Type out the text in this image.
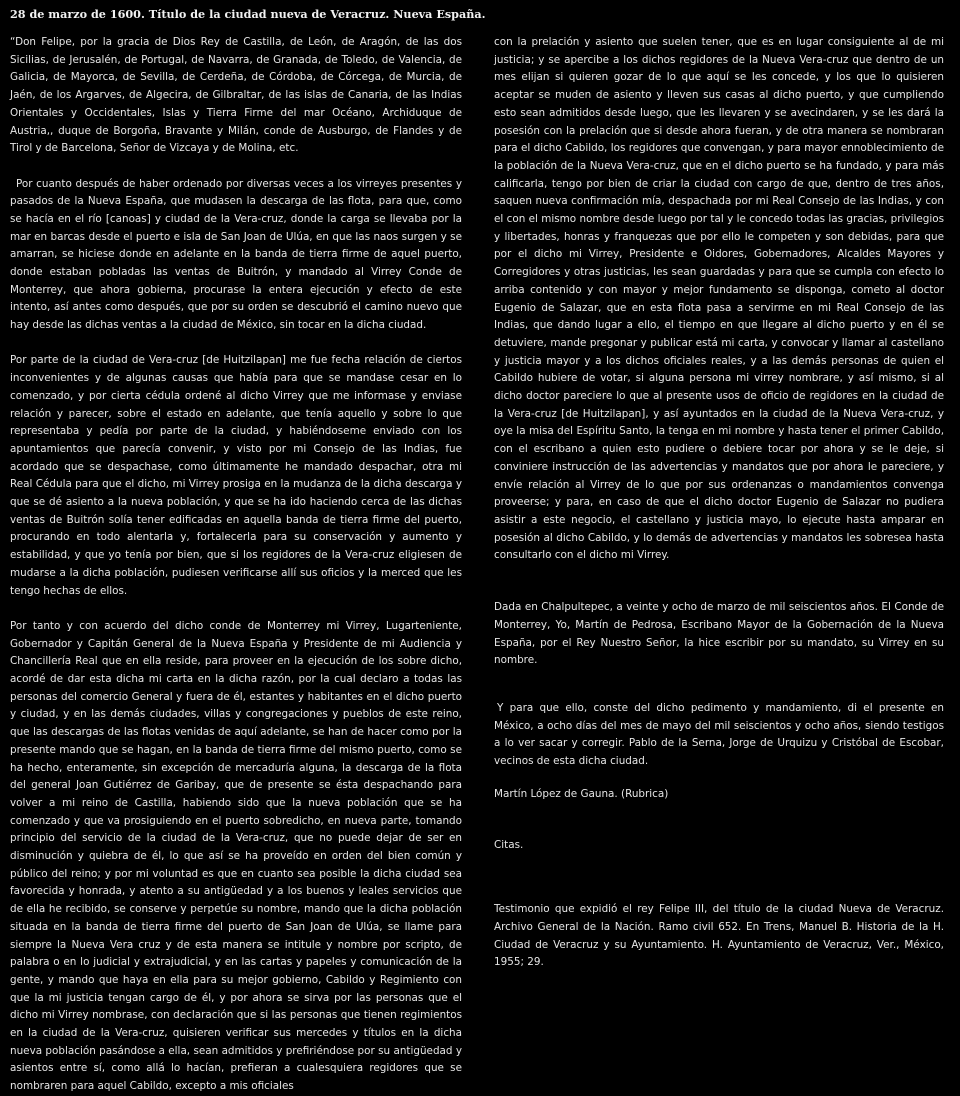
28 de marzo de 1600. Título de la ciudad nueva de Veracruz. Nueva España.

“Don Felipe, por la gracia de Dios Rey de Castilla, de León, de Aragón, de las dos Sicilias, de Jerusalén, de Portugal, de Navarra, de Granada, de Toledo, de Valencia, de Galicia, de Mayorca, de Sevilla, de Cerdeña, de Córdoba, de Córcega, de Murcia, de Jaén, de los Argarves, de Algecira, de Gilbraltar, de las islas de Canaria, de las Indias Orientales y Occidentales, Islas y Tierra Firme del mar Océano, Archiduque de Austria,, duque de Borgoña, Bravante y Milán, conde de Ausburgo, de Flandes y de Tirol y de Barcelona, Señor de Vizcaya y de Molina, etc.

Por cuanto después de haber ordenado por diversas veces a los virreyes presentes y pasados de la Nueva España, que mudasen la descarga de las flota, para que, como se hacía en el río [canoas] y ciudad de la Vera-cruz, donde la carga se llevaba por la mar en barcas desde el puerto e isla de San Joan de Ulúa, en que las naos surgen y se amarran, se hiciese donde en adelante en la banda de tierra firme de aquel puerto, donde estaban pobladas las ventas de Buitrón, y mandado al Virrey Conde de Monterrey, que ahora gobierna, procurase la entera ejecución y efecto de este intento, así antes como después, que por su orden se descubrió el camino nuevo que hay desde las dichas ventas a la ciudad de México, sin tocar en la dicha ciudad.

Por parte de la ciudad de Vera-cruz [de Huitzilapan] me fue fecha relación de ciertos inconvenientes y de algunas causas que había para que se mandase cesar en lo comenzado, y por cierta cédula ordené al dicho Virrey que me informase y enviase relación y parecer, sobre el estado en adelante, que tenía aquello y sobre lo que representaba y pedía por parte de la ciudad, y habiéndoseme enviado con los apuntamientos que parecía convenir, y visto por mi Consejo de las Indias, fue acordado que se despachase, como últimamente he mandado despachar, otra mi Real Cédula para que el dicho, mi Virrey prosiga en la mudanza de la dicha descarga y que se dé asiento a la nueva población, y que se ha ido haciendo cerca de las dichas ventas de Buitrón solía tener edificadas en aquella banda de tierra firme del puerto, procurando en todo alentarla y, fortalecerla para su conservación y aumento y estabilidad, y que yo tenía por bien, que si los regidores de la Vera-cruz eligiesen de mudarse a la dicha población, pudiesen verificarse allí sus oficios y la merced que les tengo hechas de ellos.

Por tanto y con acuerdo del dicho conde de Monterrey mi Virrey, Lugarteniente, Gobernador y Capitán General de la Nueva España y Presidente de mi Audiencia y Chancillería Real que en ella reside, para proveer en la ejecución de los sobre dicho, acordé de dar esta dicha mi carta en la dicha razón, por la cual declaro a todas las personas del comercio General y fuera de él, estantes y habitantes en el dicho puerto y ciudad, y en las demás ciudades, villas y congregaciones y pueblos de este reino, que las descargas de las flotas venidas de aquí adelante, se han de hacer como por la presente mando que se hagan, en la banda de tierra firme del mismo puerto, como se ha hecho, enteramente, sin excepción de mercaduría alguna, la descarga de la flota del general Joan Gutiérrez de Garibay, que de presente se ésta despachando para volver a mi reino de Castilla, habiendo sido que la nueva población que se ha comenzado y que va prosiguiendo en el puerto sobredicho, en nueva parte, tomando principio del servicio de la ciudad de la Vera-cruz, que no puede dejar de ser en disminución y quiebra de él, lo que así se ha proveído en orden del bien común y público del reino; y por mi voluntad es que en cuanto sea posible la dicha ciudad sea favorecida y honrada, y atento a su antigüedad y a los buenos y leales servicios que de ella he recibido, se conserve y perpetúe su nombre, mando que la dicha población situada en la banda de tierra firme del puerto de San Joan de Ulúa, se llame para siempre la Nueva Vera cruz y de esta manera se intitule y nombre por scripto, de palabra o en lo judicial y extrajudicial, y en las cartas y papeles y comunicación de la gente, y mando que haya en ella para su mejor gobierno, Cabildo y Regimiento con que la mi justicia tengan cargo de él, y por ahora se sirva por las personas que el dicho mi Virrey nombrase, con declaración que si las personas que tienen regimientos en la ciudad de la Vera-cruz, quisieren verificar sus mercedes y títulos en la dicha nueva población pasándose a ella, sean admitidos y prefiriéndose por su antigüedad y asientos entre sí, como allá lo hacían, prefieran a cualesquiera regidores que se nombraren para aquel Cabildo, excepto a mis oficiales

con la prelación y asiento que suelen tener, que es en lugar consiguiente al de mi justicia; y se apercibe a los dichos regidores de la Nueva Vera-cruz que dentro de un mes elijan si quieren gozar de lo que aquí se les concede, y los que lo quisieren aceptar se muden de asiento y lleven sus casas al dicho puerto, y que cumpliendo esto sean admitidos desde luego, que les llevaren y se avecindaren, y se les dará la posesión con la prelación que si desde ahora fueran, y de otra manera se nombraran para el dicho Cabildo, los regidores que convengan, y para mayor ennoblecimiento de la población de la Nueva Vera-cruz, que en el dicho puerto se ha fundado, y para más calificarla, tengo por bien de criar la ciudad con cargo de que, dentro de tres años, saquen nueva confirmación mía, despachada por mi Real Consejo de las Indias, y con el con el mismo nombre desde luego por tal y le concedo todas las gracias, privilegios y libertades, honras y franquezas que por ello le competen y son debidas, para que por el dicho mi Virrey, Presidente e Oidores, Gobernadores, Alcaldes Mayores y Corregidores y otras justicias, les sean guardadas y para que se cumpla con efecto lo arriba contenido y con mayor y mejor fundamento se disponga, cometo al doctor Eugenio de Salazar, que en esta flota pasa a servirme en mi Real Consejo de las Indias, que dando lugar a ello, el tiempo en que llegare al dicho puerto y en él se detuviere, mande pregonar y publicar está mi carta, y convocar y llamar al castellano y justicia mayor y a los dichos oficiales reales, y a las demás personas de quien el Cabildo hubiere de votar, si alguna persona mi virrey nombrare, y así mismo, si al dicho doctor pareciere lo que al presente usos de oficio de regidores en la ciudad de la Vera-cruz [de Huitzilapan], y así ayuntados en la ciudad de la Nueva Vera-cruz, y oye la misa del Espíritu Santo, la tenga en mi nombre y hasta tener el primer Cabildo, con el escribano a quien esto pudiere o debiere tocar por ahora y se le deje, si conviniere instrucción de las advertencias y mandatos que por ahora le pareciere, y envíe relación al Virrey de lo que por sus ordenanzas o mandamientos convenga proveerse; y para, en caso de que el dicho doctor Eugenio de Salazar no pudiera asistir a este negocio, el castellano y justicia mayo, lo ejecute hasta amparar en posesión al dicho Cabildo, y lo demás de advertencias y mandatos les sobresea hasta consultarlo con el dicho mi Virrey.

Dada en Chalpultepec, a veinte y ocho de marzo de mil seiscientos años. El Conde de Monterrey, Yo, Martín de Pedrosa, Escribano Mayor de la Gobernación de la Nueva España, por el Rey Nuestro Señor, la hice escribir por su mandato, su Virrey en su nombre.

Y para que ello, conste del dicho pedimento y mandamiento, di el presente en México, a ocho días del mes de mayo del mil seiscientos y ocho años, siendo testigos a lo ver sacar y corregir. Pablo de la Serna, Jorge de Urquizu y Cristóbal de Escobar, vecinos de esta dicha ciudad.

Martín López de Gauna. (Rubrica)

Citas.

Testimonio que expidió el rey Felipe III, del título de la ciudad Nueva de Veracruz. Archivo General de la Nación. Ramo civil 652. En Trens, Manuel B. Historia de la H. Ciudad de Veracruz y su Ayuntamiento. H. Ayuntamiento de Veracruz, Ver., México, 1955; 29.
